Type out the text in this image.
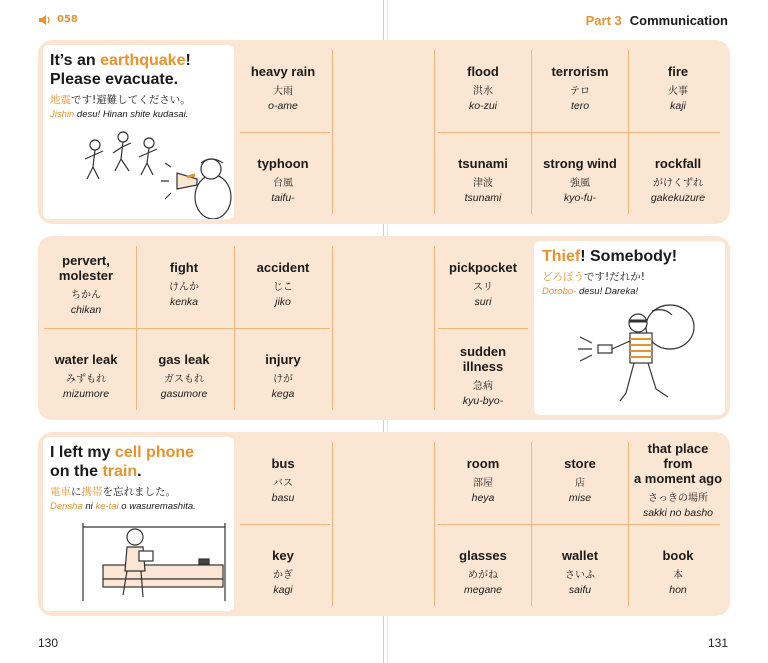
058	Part 3 Communication
It’s an earthquake!
Please evacuate.
地震です!避難してください。
Jishin desu! Hinan shite kudasai.
heavy rain
大雨
o-ame
typhoon
台風
taifu-
flood
洪水
ko-zui
terrorism
テロ
tero
fire
火事
kaji
tsunami
津波
tsunami
strong wind
強風
kyo-fu-
rockfall
がけくずれ
gakekuzure
pervert,
molester
ちかん
chikan
fight
けんか
kenka
accident
じこ
jiko
water leak
みずもれ
mizumore
gas leak
ガスもれ
gasumore
injury
けが
kega
pickpocket
スリ
suri
sudden
illness
急病
kyu-byo-
Thief! Somebody!
どろぼうです!だれか!
Dorobo- desu! Dareka!
I left my cell phone
on the train.
電車に携帯を忘れました。
Densha ni ke-tai o wasuremashita.
bus
バス
basu
key
かぎ
kagi
room
部屋
heya
store
店
mise
that place
from
a moment ago
さっきの場所
sakki no basho
glasses
めがね
megane
wallet
さいふ
saifu
book
本
hon
130	131
